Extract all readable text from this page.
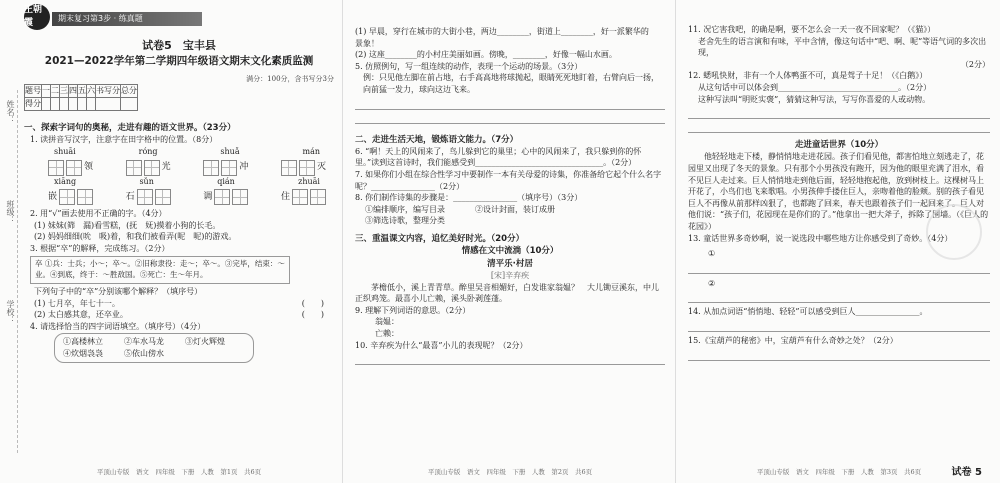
学校：
班级：
姓名：
王朝霞	期末复习第3步 · 练真题
试卷5　宝丰县
2021—2022学年第二学期四年级语文期末文化素质监测
满分：100分，含书写分3分
题号	一	二	三	四	五	六	书写分	总分
得分								
一、探索字词句的奥秘，走进有趣的语文世界。（23分）
1. 读拼音写汉字，注意字在田字格中的位置。（8分）
shuāi	róng	shuǎ	mán
领	光	冲	灭
xiāng	sǔn	qián	zhuāi
嵌	石	调	住
2. 用“√”画去使用不正确的字。（4分）
(1) 妹妹(筛　漏)看雪糕，(抚　妩)摸着小狗的长毛。
(2) 妈妈细细(吮　吸)着，和我们被看弄(呢　呢)的游戏。
3. 根据“卒”的解释，完成练习。（2分）
卒 ①兵：士兵；小～；卒～。②旧称隶役：走～；卒～。③完毕，结束：～业。④到底，终于：～胜敌国。⑤死亡：生～年月。
下列句子中的“卒”分别该哪个解释？（填序号）
(1) 七月卒，年七十一。	(　　)
(2) 太白感其意，还卒业。	(　　)
4. 请选择恰当的四字词语填空。（填序号）（4分）
①高楼林立	②车水马龙	③灯火辉煌
④炊烟袅袅	⑤依山傍水
平顶山专版　语文　四年级　下册　人教　第1页　共6页
(1) 早晨，穿行在城市的大街小巷，两边________，街道上________，好一派繁华的
景象！
(2) 这座________的小村庄美丽如画。傍晚，________，好像一幅山水画。
5. 仿照例句，写一组连续的动作，表现一个运动的场景。（3分）
例：只见他左脚在前占地，右手高高地将球抛起，眼睛死死地盯着，右臂向后一扬，向前猛一发力，球向这边飞来。
二、走进生活天地，锻炼语文能力。（7分）
6. “啊！天上的风闹来了，鸟儿躲到它的巢里；心中的风闹来了，我只躲到你的怀里。”读到这首诗时，我们能感受到________________________________。（2分）
7. 如果你们小组在综合性学习中要制作一本有关母爱的诗集，你准备给它起个什么名字呢？________________（2分）
8. 你们制作诗集的步骤是：________________（填序号）（3分）
①编排顺序，编写目录	②设计封面，装订成册
③筛选诗歌，整理分类
三、重温课文内容，追忆美好时光。（20分）
情感在文中流淌（10分）
清平乐·村居
[宋]辛弃疾
茅檐低小，溪上青青草。醉里吴音相媚好，白发谁家翁媪？　大儿锄豆溪东，中儿正织鸡笼。最喜小儿亡赖，溪头卧剥莲蓬。
9. 理解下列词语的意思。（2分）
翁媪：
亡赖：
10. 辛弃疾为什么“最喜”小儿的表现呢？（2分）
平顶山专版　语文　四年级　下册　人教　第2页　共6页
11. 况它害我吧，的确是啊，要不怎么会一天一夜不回家呢？（《猫》）
老舍先生的语言演和有味，平中含情，像这句话中“吧、啊、呢”等语气词的多次出现，
（2分）
12. 蟋吼快财，非有一个人体鸭蛋不可，真是驾子十足！（《白鹅》）
从这句话中可以体会到______________________________。（2分）
这种写法叫“明贬实褒”，猜猜这种写法，写写你喜爱的人或动物。
走进童话世界（10分）
他轻轻地走下楼，静悄悄地走进花园。孩子们看见他，都害怕地立刻逃走了，花园里又出现了冬天的景象。只有那个小男孩没有跑开，因为他的眼里充满了泪水，看不见巨人走过来。巨人悄悄地走到他后面，轻轻地抱起他，放到树枝上。这棵树马上开花了，小鸟们也飞来歌唱。小男孩伸手搂住巨人，亲吻着他的脸颊。别的孩子看见巨人不再像从前那样凶狠了，也都跑了回来，春天也跟着孩子们一起回来了。巨人对他们说：“孩子们，花园现在是你们的了。”他拿出一把大斧子，拆除了围墙。（《巨人的花园》）
13. 童话世界多奇妙啊，说一说选段中哪些地方让你感受到了奇妙。（4分）
①
②
14. 从加点词语“悄悄地、轻轻”可以感受到巨人________________。
15.《宝葫芦的秘密》中，宝葫芦有什么奇妙之处？（2分）
平顶山专版　语文　四年级　下册　人教　第3页　共6页	试卷 5
